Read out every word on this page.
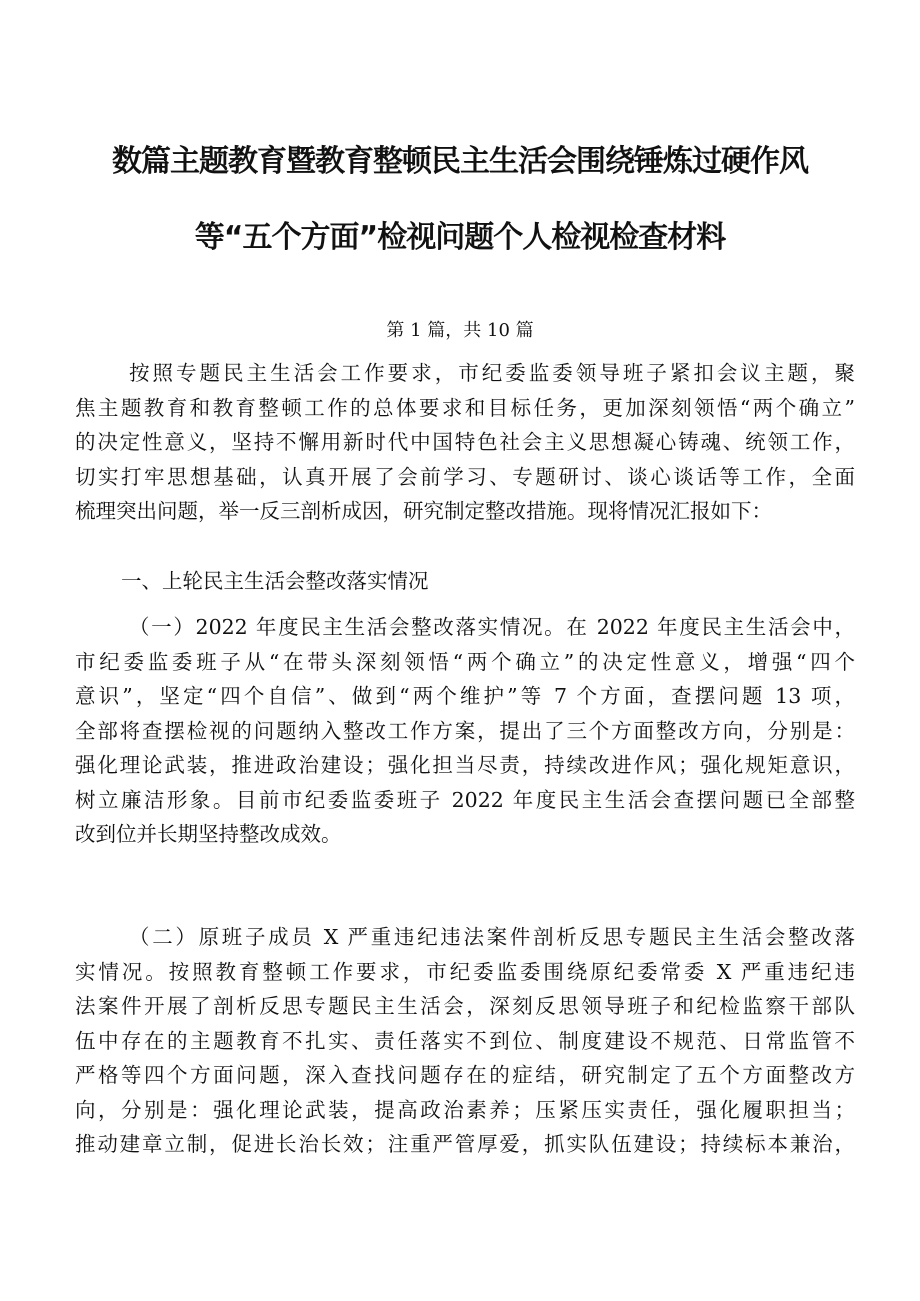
数篇主题教育暨教育整顿民主生活会围绕锤炼过硬作风
等“五个方面”检视问题个人检视检查材料
第 1 篇，共 10 篇
按照专题民主生活会工作要求，市纪委监委领导班子紧扣会议主题，聚
焦主题教育和教育整顿工作的总体要求和目标任务，更加深刻领悟“两个确立”
的决定性意义，坚持不懈用新时代中国特色社会主义思想凝心铸魂、统领工作，
切实打牢思想基础，认真开展了会前学习、专题研讨、谈心谈话等工作，全面
梳理突出问题，举一反三剖析成因，研究制定整改措施。现将情况汇报如下：
一、上轮民主生活会整改落实情况
（一）2022 年度民主生活会整改落实情况。在 2022 年度民主生活会中，
市纪委监委班子从“在带头深刻领悟“两个确立”的决定性意义，增强“四个
意识”，坚定“四个自信”、做到“两个维护”等 7 个方面，查摆问题 13 项，
全部将查摆检视的问题纳入整改工作方案，提出了三个方面整改方向，分别是：
强化理论武装，推进政治建设；强化担当尽责，持续改进作风；强化规矩意识，
树立廉洁形象。目前市纪委监委班子 2022 年度民主生活会查摆问题已全部整
改到位并长期坚持整改成效。
（二）原班子成员 X 严重违纪违法案件剖析反思专题民主生活会整改落
实情况。按照教育整顿工作要求，市纪委监委围绕原纪委常委 X 严重违纪违
法案件开展了剖析反思专题民主生活会，深刻反思领导班子和纪检监察干部队
伍中存在的主题教育不扎实、责任落实不到位、制度建设不规范、日常监管不
严格等四个方面问题，深入查找问题存在的症结，研究制定了五个方面整改方
向，分别是：强化理论武装，提高政治素养；压紧压实责任，强化履职担当；
推动建章立制，促进长治长效；注重严管厚爱，抓实队伍建设；持续标本兼治，
